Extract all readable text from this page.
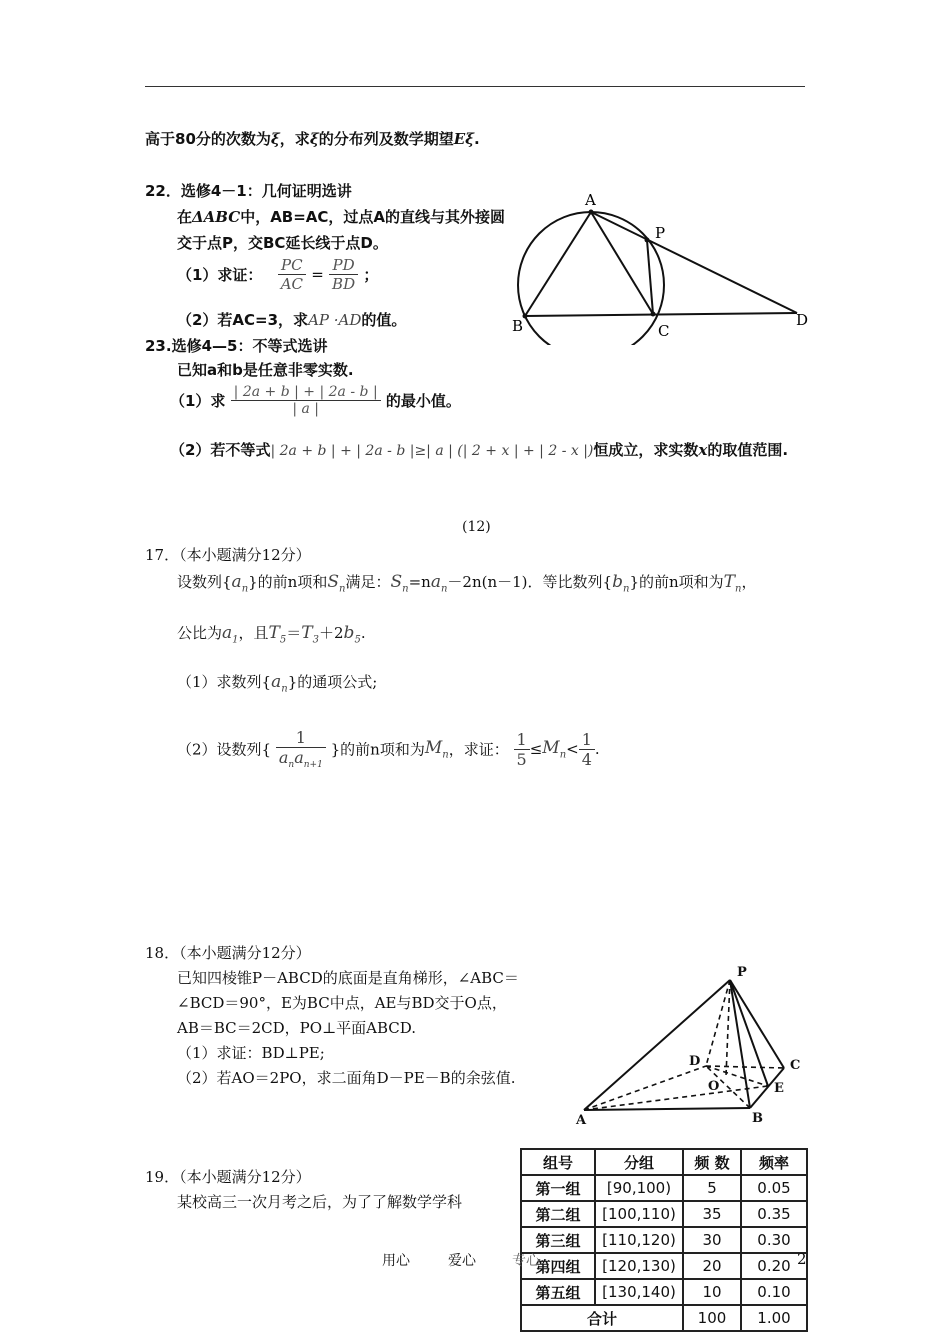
高于80分的次数为ξ，求ξ的分布列及数学期望Eξ.
22．选修4－1：几何证明选讲
在ΔABC中，AB=AC，过点A的直线与其外接圆
交于点P，交BC延长线于点D。
（1）求证： $\frac{PC}{AC} = \frac{PD}{BD}$ ；
（2）若AC=3，求AP ·AD的值。
A
P
B	C
D
23.选修4—5：不等式选讲
已知a和b是任意非零实数.
（1）求 $\frac{| 2a + b | + | 2a - b |}{| a |}$ 的最小值。
（2）若不等式| 2a + b | + | 2a - b |≥| a | (| 2 + x | + | 2 - x |)恒成立，求实数x的取值范围.
(12)
17．（本小题满分12分）
设数列$\{a_n\}$的前n项和$S_n$满足：$S_n=na_n-2n(n-1)$．等比数列$\{b_n\}$的前n项和为$T_n$，
公比为$a_1$，且$T_5=T_3+2b_5$.
（1）求数列$\{a_n\}$的通项公式;
（2）设数列{ $\frac{1}{a_na_{n+1}}$ }的前n项和为$M_n$，求证： $\frac{1}{5} \le M_n< \frac{1}{4}$ .
18．（本小题满分12分）
已知四棱锥P－ABCD的底面是直角梯形，∠ABC＝
∠BCD＝90°，E为BC中点，AE与BD交于O点，
AB＝BC＝2CD，PO⊥平面ABCD.
（1）求证：BD⊥PE;
（2）若AO＝2PO，求二面角D－PE－B的余弦值.
P
D	C
O	E
A	B
19．（本小题满分12分）
某校高三一次月考之后，为了了解数学学科
组号	分组	频 数	频率
第一组	[90,100)	5	0.05
第二组	[100,110)	35	0.35
第三组	[110,120)	30	0.30
第四组	[120,130)	20	0.20
第五组	[130,140)	10	0.10
合计		100	1.00
用心	爱心	专心	2
